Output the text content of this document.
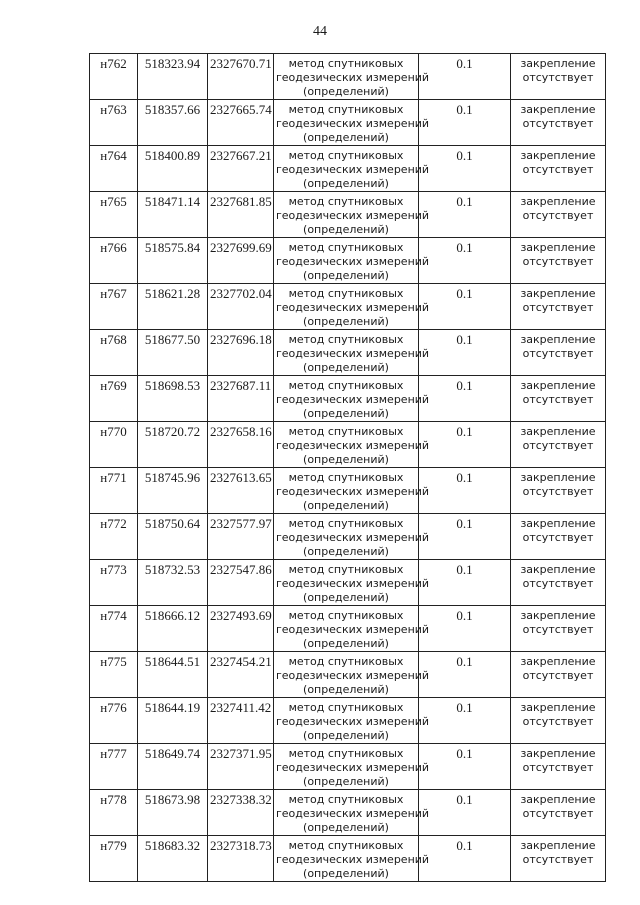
44
н762	518323.94	2327670.71	метод спутниковых
геодезических измерений
(определений)	0.1	закрепление
отсутствует

н763	518357.66	2327665.74	метод спутниковых
геодезических измерений
(определений)	0.1	закрепление
отсутствует

н764	518400.89	2327667.21	метод спутниковых
геодезических измерений
(определений)	0.1	закрепление
отсутствует

н765	518471.14	2327681.85	метод спутниковых
геодезических измерений
(определений)	0.1	закрепление
отсутствует

н766	518575.84	2327699.69	метод спутниковых
геодезических измерений
(определений)	0.1	закрепление
отсутствует

н767	518621.28	2327702.04	метод спутниковых
геодезических измерений
(определений)	0.1	закрепление
отсутствует

н768	518677.50	2327696.18	метод спутниковых
геодезических измерений
(определений)	0.1	закрепление
отсутствует

н769	518698.53	2327687.11	метод спутниковых
геодезических измерений
(определений)	0.1	закрепление
отсутствует

н770	518720.72	2327658.16	метод спутниковых
геодезических измерений
(определений)	0.1	закрепление
отсутствует

н771	518745.96	2327613.65	метод спутниковых
геодезических измерений
(определений)	0.1	закрепление
отсутствует

н772	518750.64	2327577.97	метод спутниковых
геодезических измерений
(определений)	0.1	закрепление
отсутствует

н773	518732.53	2327547.86	метод спутниковых
геодезических измерений
(определений)	0.1	закрепление
отсутствует

н774	518666.12	2327493.69	метод спутниковых
геодезических измерений
(определений)	0.1	закрепление
отсутствует

н775	518644.51	2327454.21	метод спутниковых
геодезических измерений
(определений)	0.1	закрепление
отсутствует

н776	518644.19	2327411.42	метод спутниковых
геодезических измерений
(определений)	0.1	закрепление
отсутствует

н777	518649.74	2327371.95	метод спутниковых
геодезических измерений
(определений)	0.1	закрепление
отсутствует

н778	518673.98	2327338.32	метод спутниковых
геодезических измерений
(определений)	0.1	закрепление
отсутствует

н779	518683.32	2327318.73	метод спутниковых
геодезических измерений
(определений)	0.1	закрепление
отсутствует
